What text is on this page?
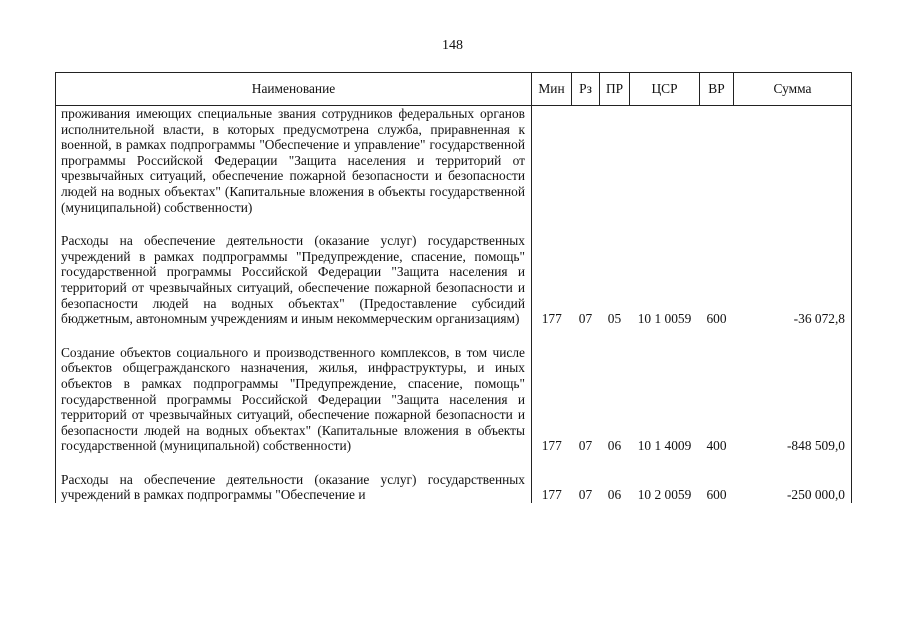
148
Наименование	Мин	Рз	ПР	ЦСР	ВР	Сумма
проживания имеющих специальные звания сотрудников федеральных органов исполнительной власти, в которых предусмотрена служба, приравненная к военной, в рамках подпрограммы "Обеспечение и управление" государственной программы Российской Федерации "Защита населения и территорий от чрезвычайных ситуаций, обеспечение пожарной безопасности и безопасности людей на водных объектах" (Капитальные вложения в объекты государственной (муниципальной) собственности)						

Расходы на обеспечение деятельности (оказание услуг) государственных учреждений в рамках подпрограммы "Предупреждение, спасение, помощь" государственной программы Российской Федерации "Защита населения и территорий от чрезвычайных ситуаций, обеспечение пожарной безопасности и безопасности людей на водных объектах" (Предоставление субсидий бюджетным, автономным учреждениям и иным некоммерческим организациям)	177	07	05	10 1 0059	600	-36 072,8

Создание объектов социального и производственного комплексов, в том числе объектов общегражданского назначения, жилья, инфраструктуры, и иных объектов в рамках подпрограммы "Предупреждение, спасение, помощь" государственной программы Российской Федерации "Защита населения и территорий от чрезвычайных ситуаций, обеспечение пожарной безопасности и безопасности людей на водных объектах" (Капитальные вложения в объекты государственной (муниципальной) собственности)	177	07	06	10 1 4009	400	-848 509,0

Расходы на обеспечение деятельности (оказание услуг) государственных учреждений в рамках подпрограммы "Обеспечение и	177	07	06	10 2 0059	600	-250 000,0
